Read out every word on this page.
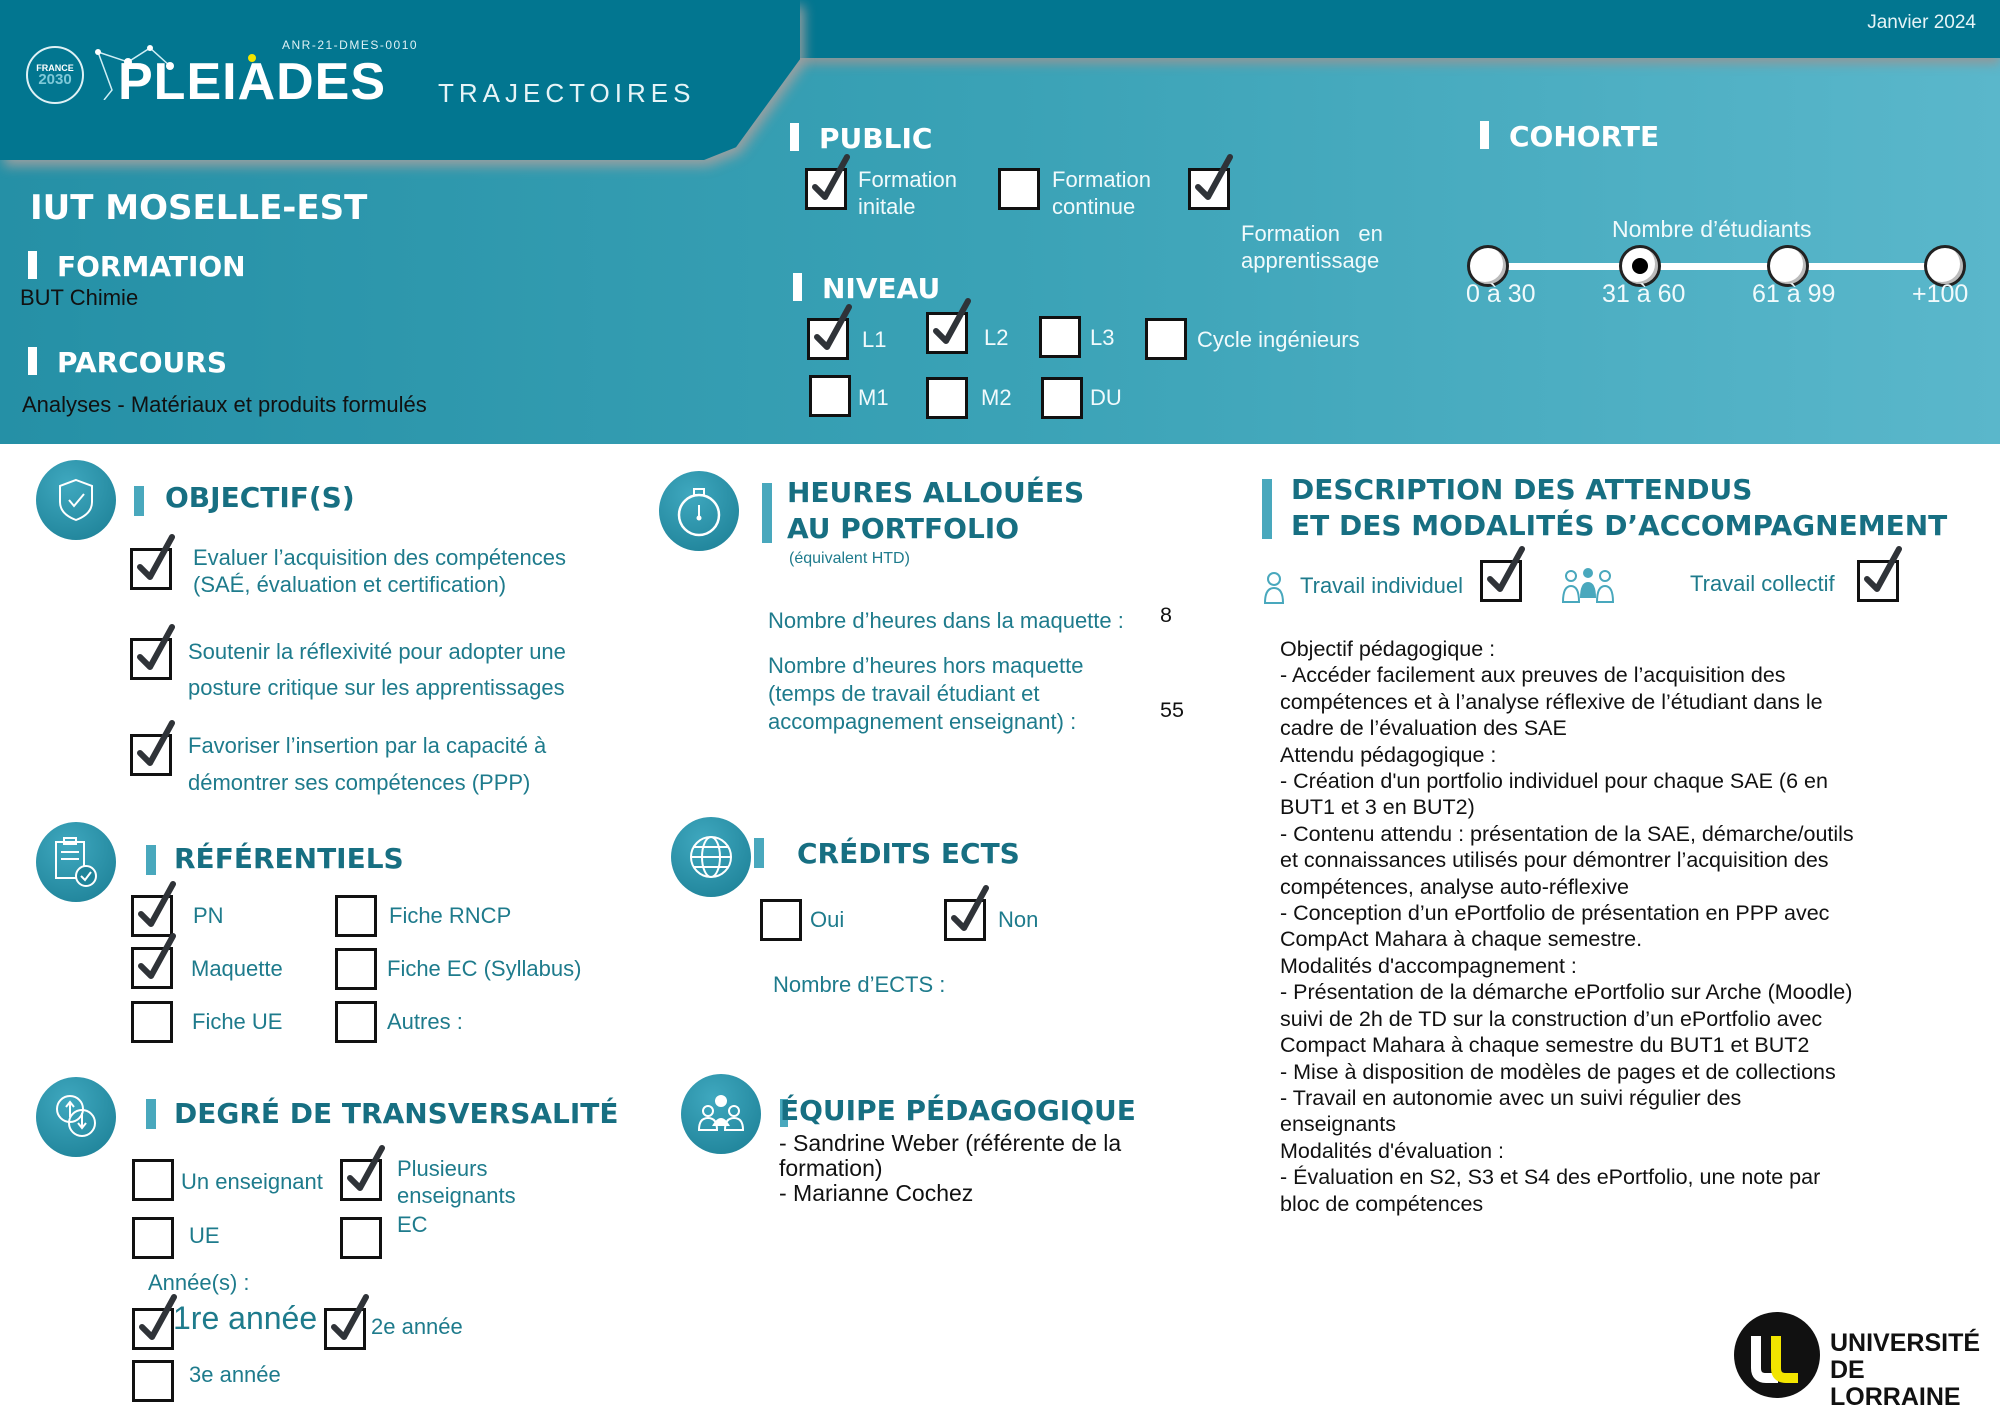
Janvier 2024
FRANCE
2030
ANR-21-DMES-0010
PLEIADES TRAJECTOIRES
IUT MOSELLE-EST
FORMATION
BUT Chimie
PARCOURS
Analyses - Matériaux et produits formulés
PUBLIC
Formation
initale
Formation
continue

Formation   en
apprentissage

NIVEAU
L1	L2	L3	Cycle ingénieurs
M1	M2	DU
COHORTE
Nombre d’étudiants
0 à 30	31 à 60	61 à 99	+100
OBJECTIF(S)
Evaluer l’acquisition des compétences
(SAÉ, évaluation et certification)
Soutenir la réflexivité pour adopter une
posture critique sur les apprentissages
Favoriser l’insertion par la capacité à
démontrer ses compétences (PPP)
RÉFÉRENTIELS
PN	Fiche RNCP
Maquette	Fiche EC (Syllabus)
Fiche UE	Autres :
DEGRÉ DE TRANSVERSALITÉ
Un enseignant
Plusieurs
enseignants
UE	EC
Année(s) :
1re année 2e année
3e année
HEURES ALLOUÉES
AU PORTFOLIO
(équivalent HTD)
Nombre d’heures dans la maquette : 8
Nombre d’heures hors maquette
(temps de travail étudiant et
accompagnement enseignant) :	55
CRÉDITS ECTS
Oui	Non
Nombre d’ECTS :
ÉQUIPE PÉDAGOGIQUE
- Sandrine Weber (référente de la
formation)
- Marianne Cochez
DESCRIPTION DES ATTENDUS
ET DES MODALITÉS D’ACCOMPAGNEMENT
Travail individuel	Travail collectif
Objectif pédagogique :
- Accéder facilement aux preuves de l’acquisition des
compétences et à l’analyse réflexive de l’étudiant dans le
cadre de l’évaluation des SAE
Attendu pédagogique :
- Création d'un portfolio individuel pour chaque SAE (6 en
BUT1 et 3 en BUT2)
- Contenu attendu : présentation de la SAE, démarche/outils
et connaissances utilisés pour démontrer l’acquisition des
compétences, analyse auto-réflexive
- Conception d’un ePortfolio de présentation en PPP avec
CompAct Mahara à chaque semestre.
Modalités d'accompagnement :
- Présentation de la démarche ePortfolio sur Arche (Moodle)
suivi de 2h de TD sur la construction d’un ePortfolio avec
Compact Mahara à chaque semestre du BUT1 et BUT2
- Mise à disposition de modèles de pages et de collections
- Travail en autonomie avec un suivi régulier des
enseignants
Modalités d'évaluation :
- Évaluation en S2, S3 et S4 des ePortfolio, une note par
bloc de compétences
UNIVERSITÉ
DE LORRAINE
